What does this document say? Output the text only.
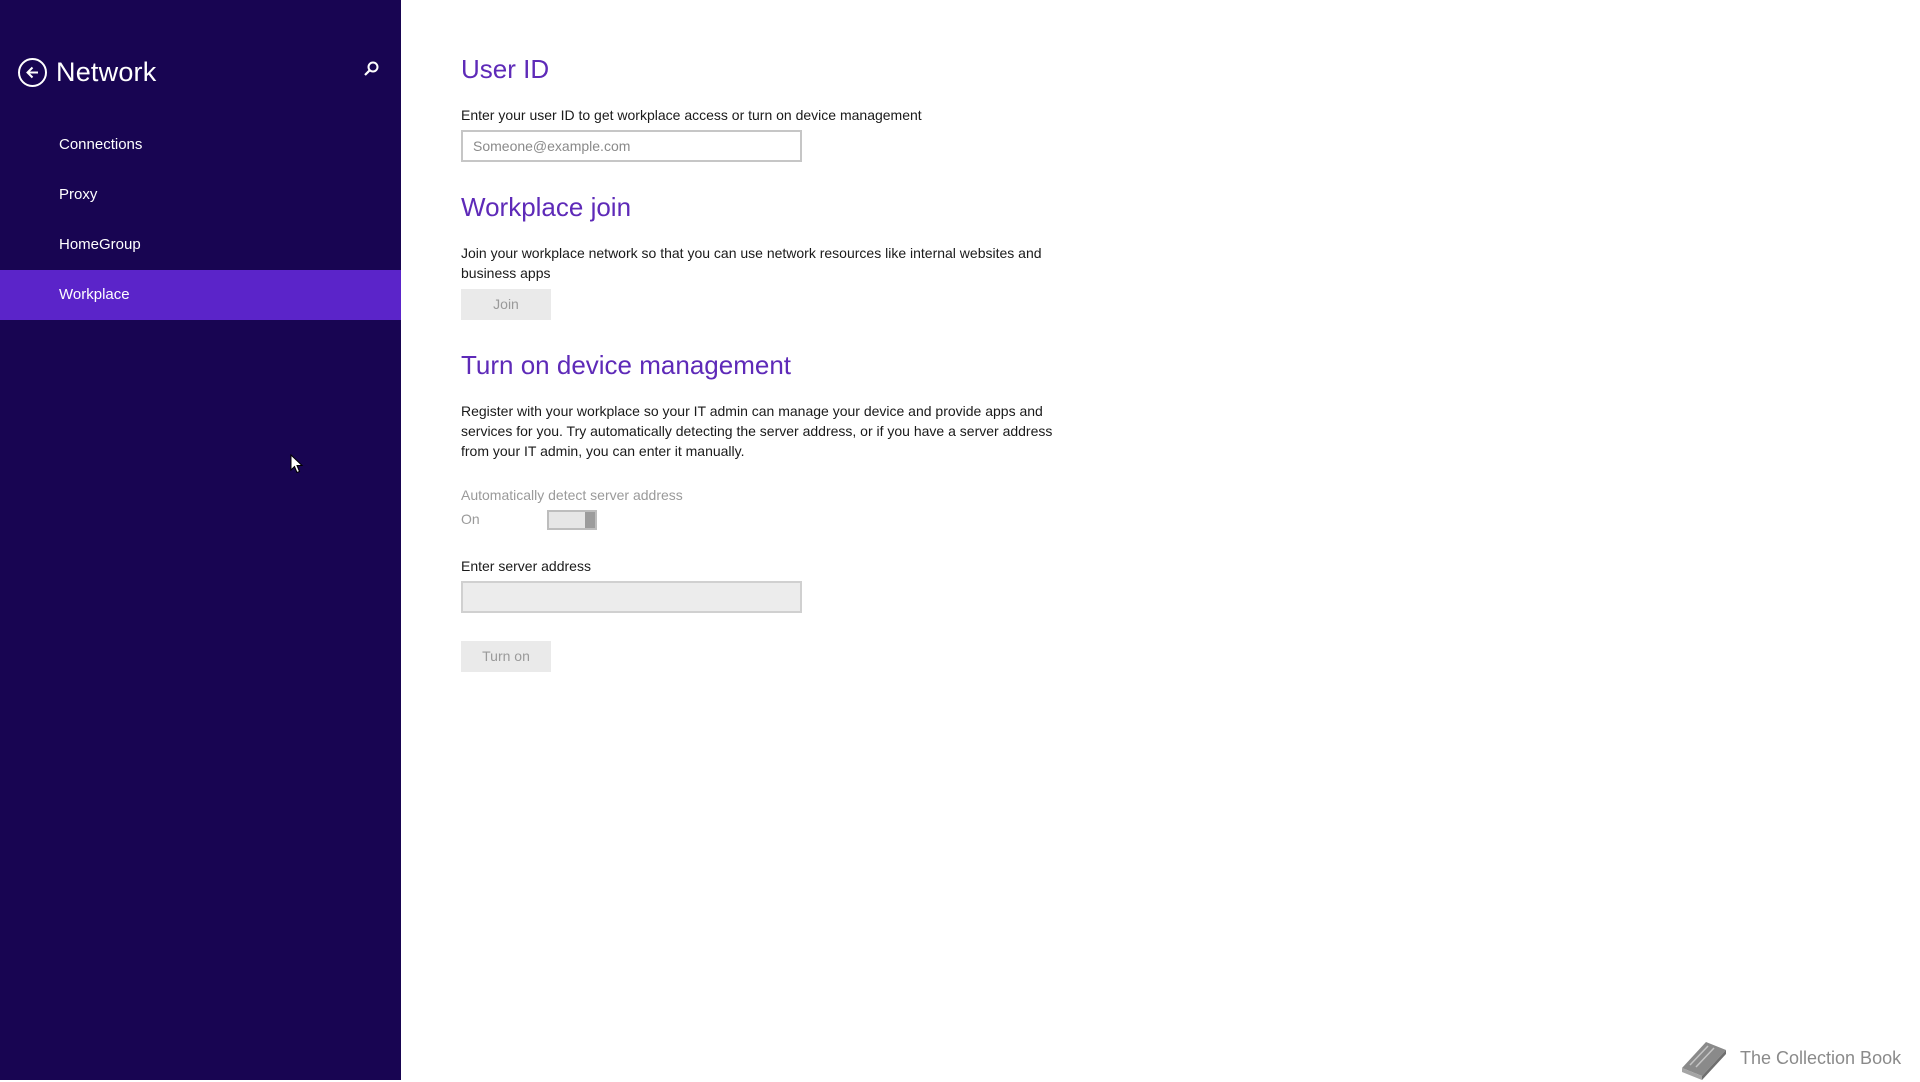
Network
Connections
Proxy
HomeGroup
Workplace
User ID
Enter your user ID to get workplace access or turn on device management
Someone@example.com
Workplace join
Join your workplace network so that you can use network resources like internal websites and business apps
Join
Turn on device management
Register with your workplace so your IT admin can manage your device and provide apps and services for you. Try automatically detecting the server address, or if you have a server address from your IT admin, you can enter it manually.
Automatically detect server address
On
Enter server address
Turn on
The Collection Book
